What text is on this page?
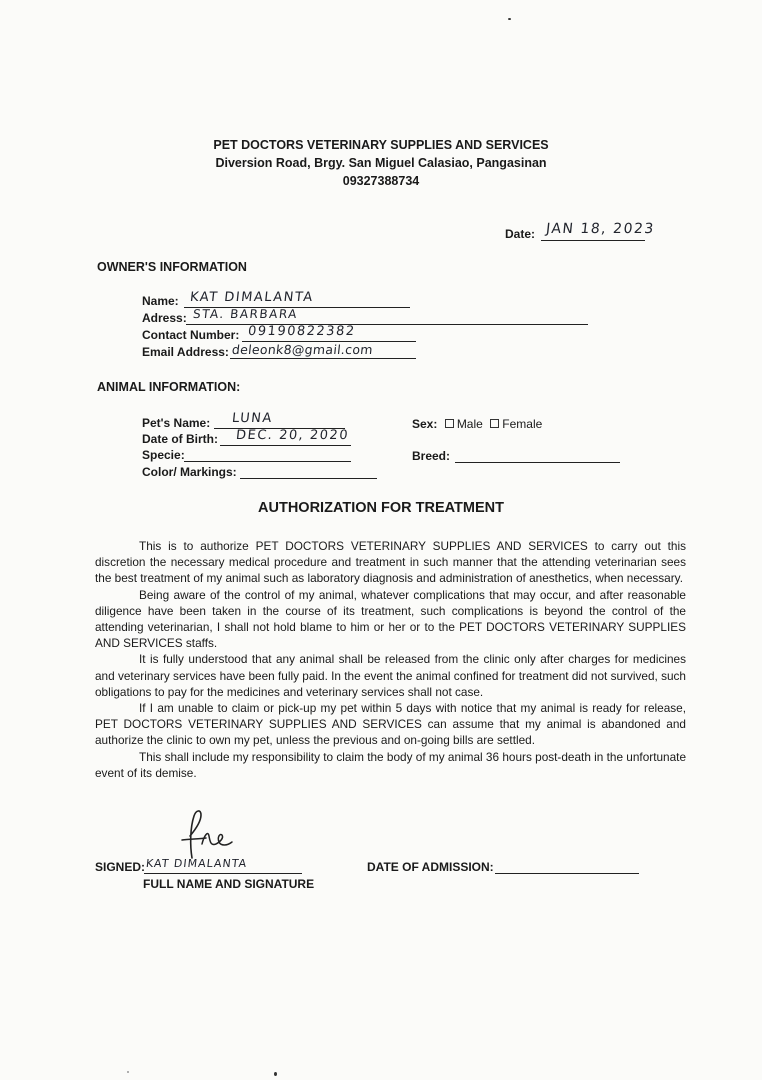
PET DOCTORS VETERINARY SUPPLIES AND SERVICES
Diversion Road, Brgy. San Miguel Calasiao, Pangasinan
09327388734
Date: JAN 18, 2023
OWNER'S INFORMATION
Name: KAT DIMALANTA
Adress: STA. BARBARA
Contact Number: 09190822382
Email Address: deleonk8@gmail.com
ANIMAL INFORMATION:
Pet's Name: LUNA
Date of Birth: DEC. 20, 2020
Specie:
Color/ Markings:
Sex: Male Female
Breed:
AUTHORIZATION FOR TREATMENT
This is to authorize PET DOCTORS VETERINARY SUPPLIES AND SERVICES to carry out this discretion the necessary medical procedure and treatment in such manner that the attending veterinarian sees the best treatment of my animal such as laboratory diagnosis and administration of anesthetics, when necessary.
Being aware of the control of my animal, whatever complications that may occur, and after reasonable diligence have been taken in the course of its treatment, such complications is beyond the control of the attending veterinarian, I shall not hold blame to him or her or to the PET DOCTORS VETERINARY SUPPLIES AND SERVICES staffs.
It is fully understood that any animal shall be released from the clinic only after charges for medicines and veterinary services have been fully paid. In the event the animal confined for treatment did not survived, such obligations to pay for the medicines and veterinary services shall not case.
If I am unable to claim or pick-up my pet within 5 days with notice that my animal is ready for release, PET DOCTORS VETERINARY SUPPLIES AND SERVICES can assume that my animal is abandoned and authorize the clinic to own my pet, unless the previous and on-going bills are settled.
This shall include my responsibility to claim the body of my animal 36 hours post-death in the unfortunate event of its demise.
SIGNED: KAT DIMALANTA
FULL NAME AND SIGNATURE
DATE OF ADMISSION:
